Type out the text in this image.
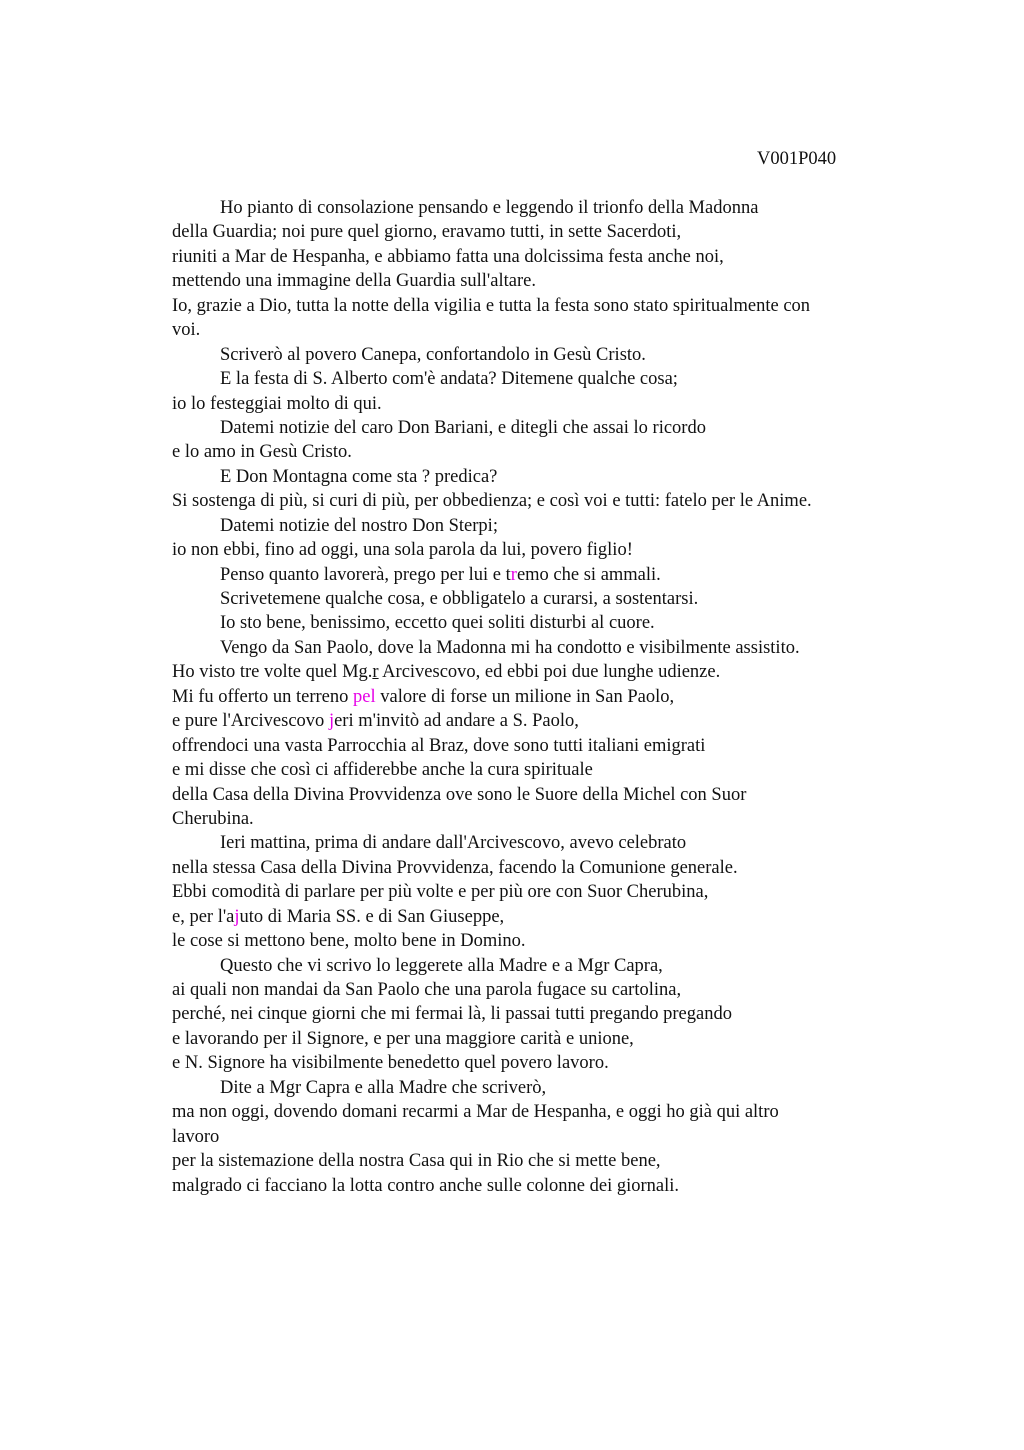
V001P040
Ho pianto di consolazione pensando e leggendo il trionfo della Madonna
della Guardia; noi pure quel giorno, eravamo tutti, in sette Sacerdoti,
riuniti a Mar de Hespanha, e abbiamo fatta una dolcissima festa anche noi,
mettendo una immagine della Guardia sull'altare.
Io, grazie a Dio, tutta la notte della vigilia e tutta la festa sono stato spiritualmente con
voi.
Scriverò al povero Canepa, confortandolo in Gesù Cristo.
E la festa di S. Alberto com'è andata? Ditemene qualche cosa;
io lo festeggiai molto di qui.
Datemi notizie del caro Don Bariani, e ditegli che assai lo ricordo
e lo amo in Gesù Cristo.
E Don Montagna come sta ? predica?
Si sostenga di più, si curi di più, per obbedienza; e così voi e tutti: fatelo per le Anime.
Datemi notizie del nostro Don Sterpi;
io non ebbi, fino ad oggi, una sola parola da lui, povero figlio!
Penso quanto lavorerà, prego per lui e tremo che si ammali.
Scrivetemene qualche cosa, e obbligatelo a curarsi, a sostentarsi.
Io sto bene, benissimo, eccetto quei soliti disturbi al cuore.
Vengo da San Paolo, dove la Madonna mi ha condotto e visibilmente assistito.
Ho visto tre volte quel Mg.r Arcivescovo, ed ebbi poi due lunghe udienze.
Mi fu offerto un terreno pel valore di forse un milione in San Paolo,
e pure l'Arcivescovo jeri m'invitò ad andare a S. Paolo,
offrendoci una vasta Parrocchia al Braz, dove sono tutti italiani emigrati
e mi disse che così ci affiderebbe anche la cura spirituale
della Casa della Divina Provvidenza ove sono le Suore della Michel con Suor
Cherubina.
Ieri mattina, prima di andare dall'Arcivescovo, avevo celebrato
nella stessa Casa della Divina Provvidenza, facendo la Comunione generale.
Ebbi comodità di parlare per più volte e per più ore con Suor Cherubina,
e, per l'ajuto di Maria SS. e di San Giuseppe,
le cose si mettono bene, molto bene in Domino.
Questo che vi scrivo lo leggerete alla Madre e a Mgr Capra,
ai quali non mandai da San Paolo che una parola fugace su cartolina,
perché, nei cinque giorni che mi fermai là, li passai tutti pregando pregando
e lavorando per il Signore, e per una maggiore carità e unione,
e N. Signore ha visibilmente benedetto quel povero lavoro.
Dite a Mgr Capra e alla Madre che scriverò,
ma non oggi, dovendo domani recarmi a Mar de Hespanha, e oggi ho già qui altro
lavoro
per la sistemazione della nostra Casa qui in Rio che si mette bene,
malgrado ci facciano la lotta contro anche sulle colonne dei giornali.
